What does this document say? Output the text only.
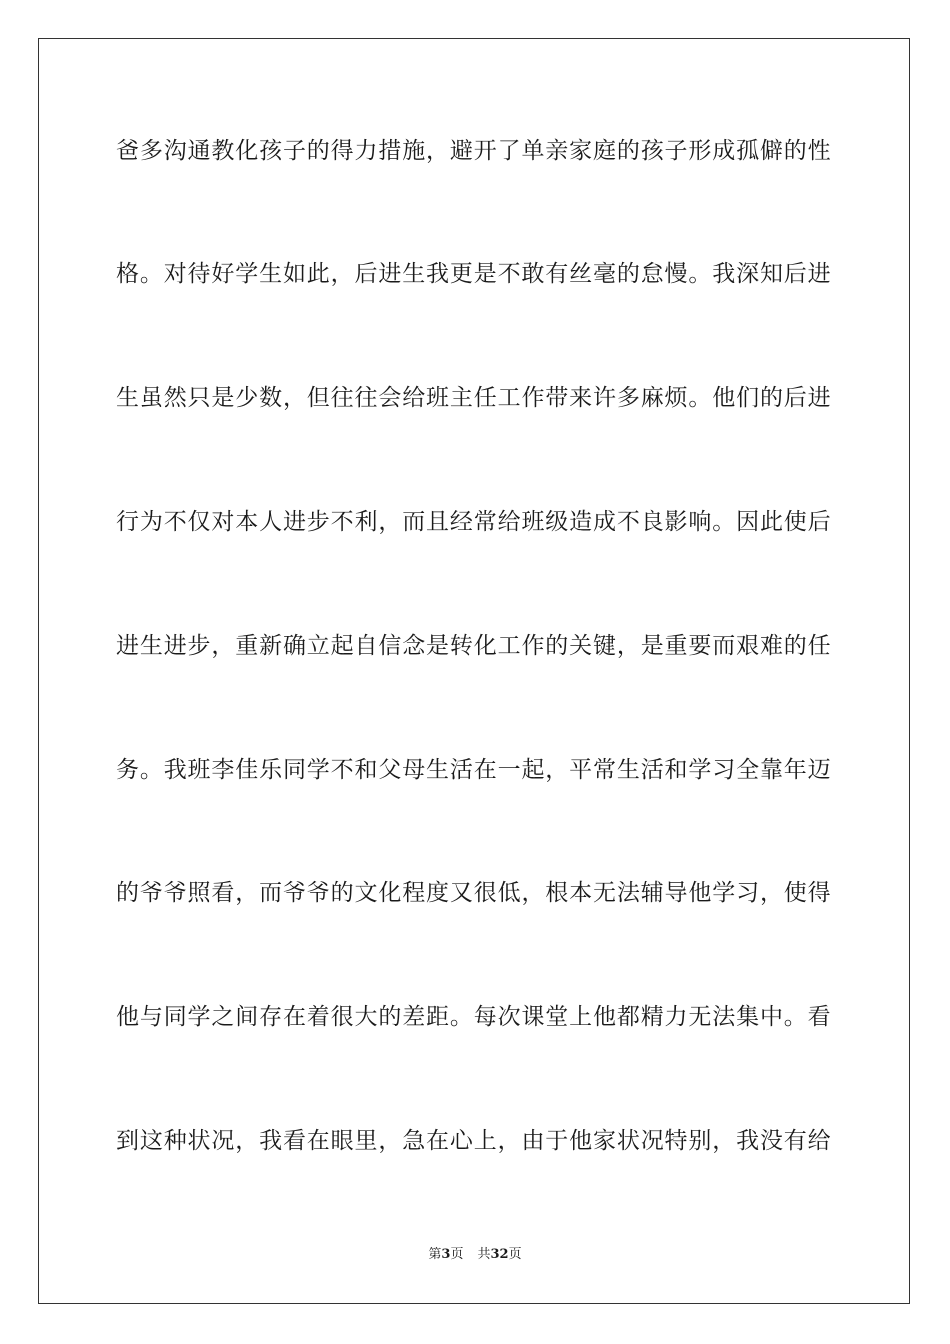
爸多沟通教化孩子的得力措施，避开了单亲家庭的孩子形成孤僻的性
格。对待好学生如此，后进生我更是不敢有丝毫的怠慢。我深知后进
生虽然只是少数，但往往会给班主任工作带来许多麻烦。他们的后进
行为不仅对本人进步不利，而且经常给班级造成不良影响。因此使后
进生进步，重新确立起自信念是转化工作的关键，是重要而艰难的任
务。我班李佳乐同学不和父母生活在一起，平常生活和学习全靠年迈
的爷爷照看，而爷爷的文化程度又很低，根本无法辅导他学习，使得
他与同学之间存在着很大的差距。每次课堂上他都精力无法集中。看
到这种状况，我看在眼里，急在心上，由于他家状况特别，我没有给
第3页 共32页
